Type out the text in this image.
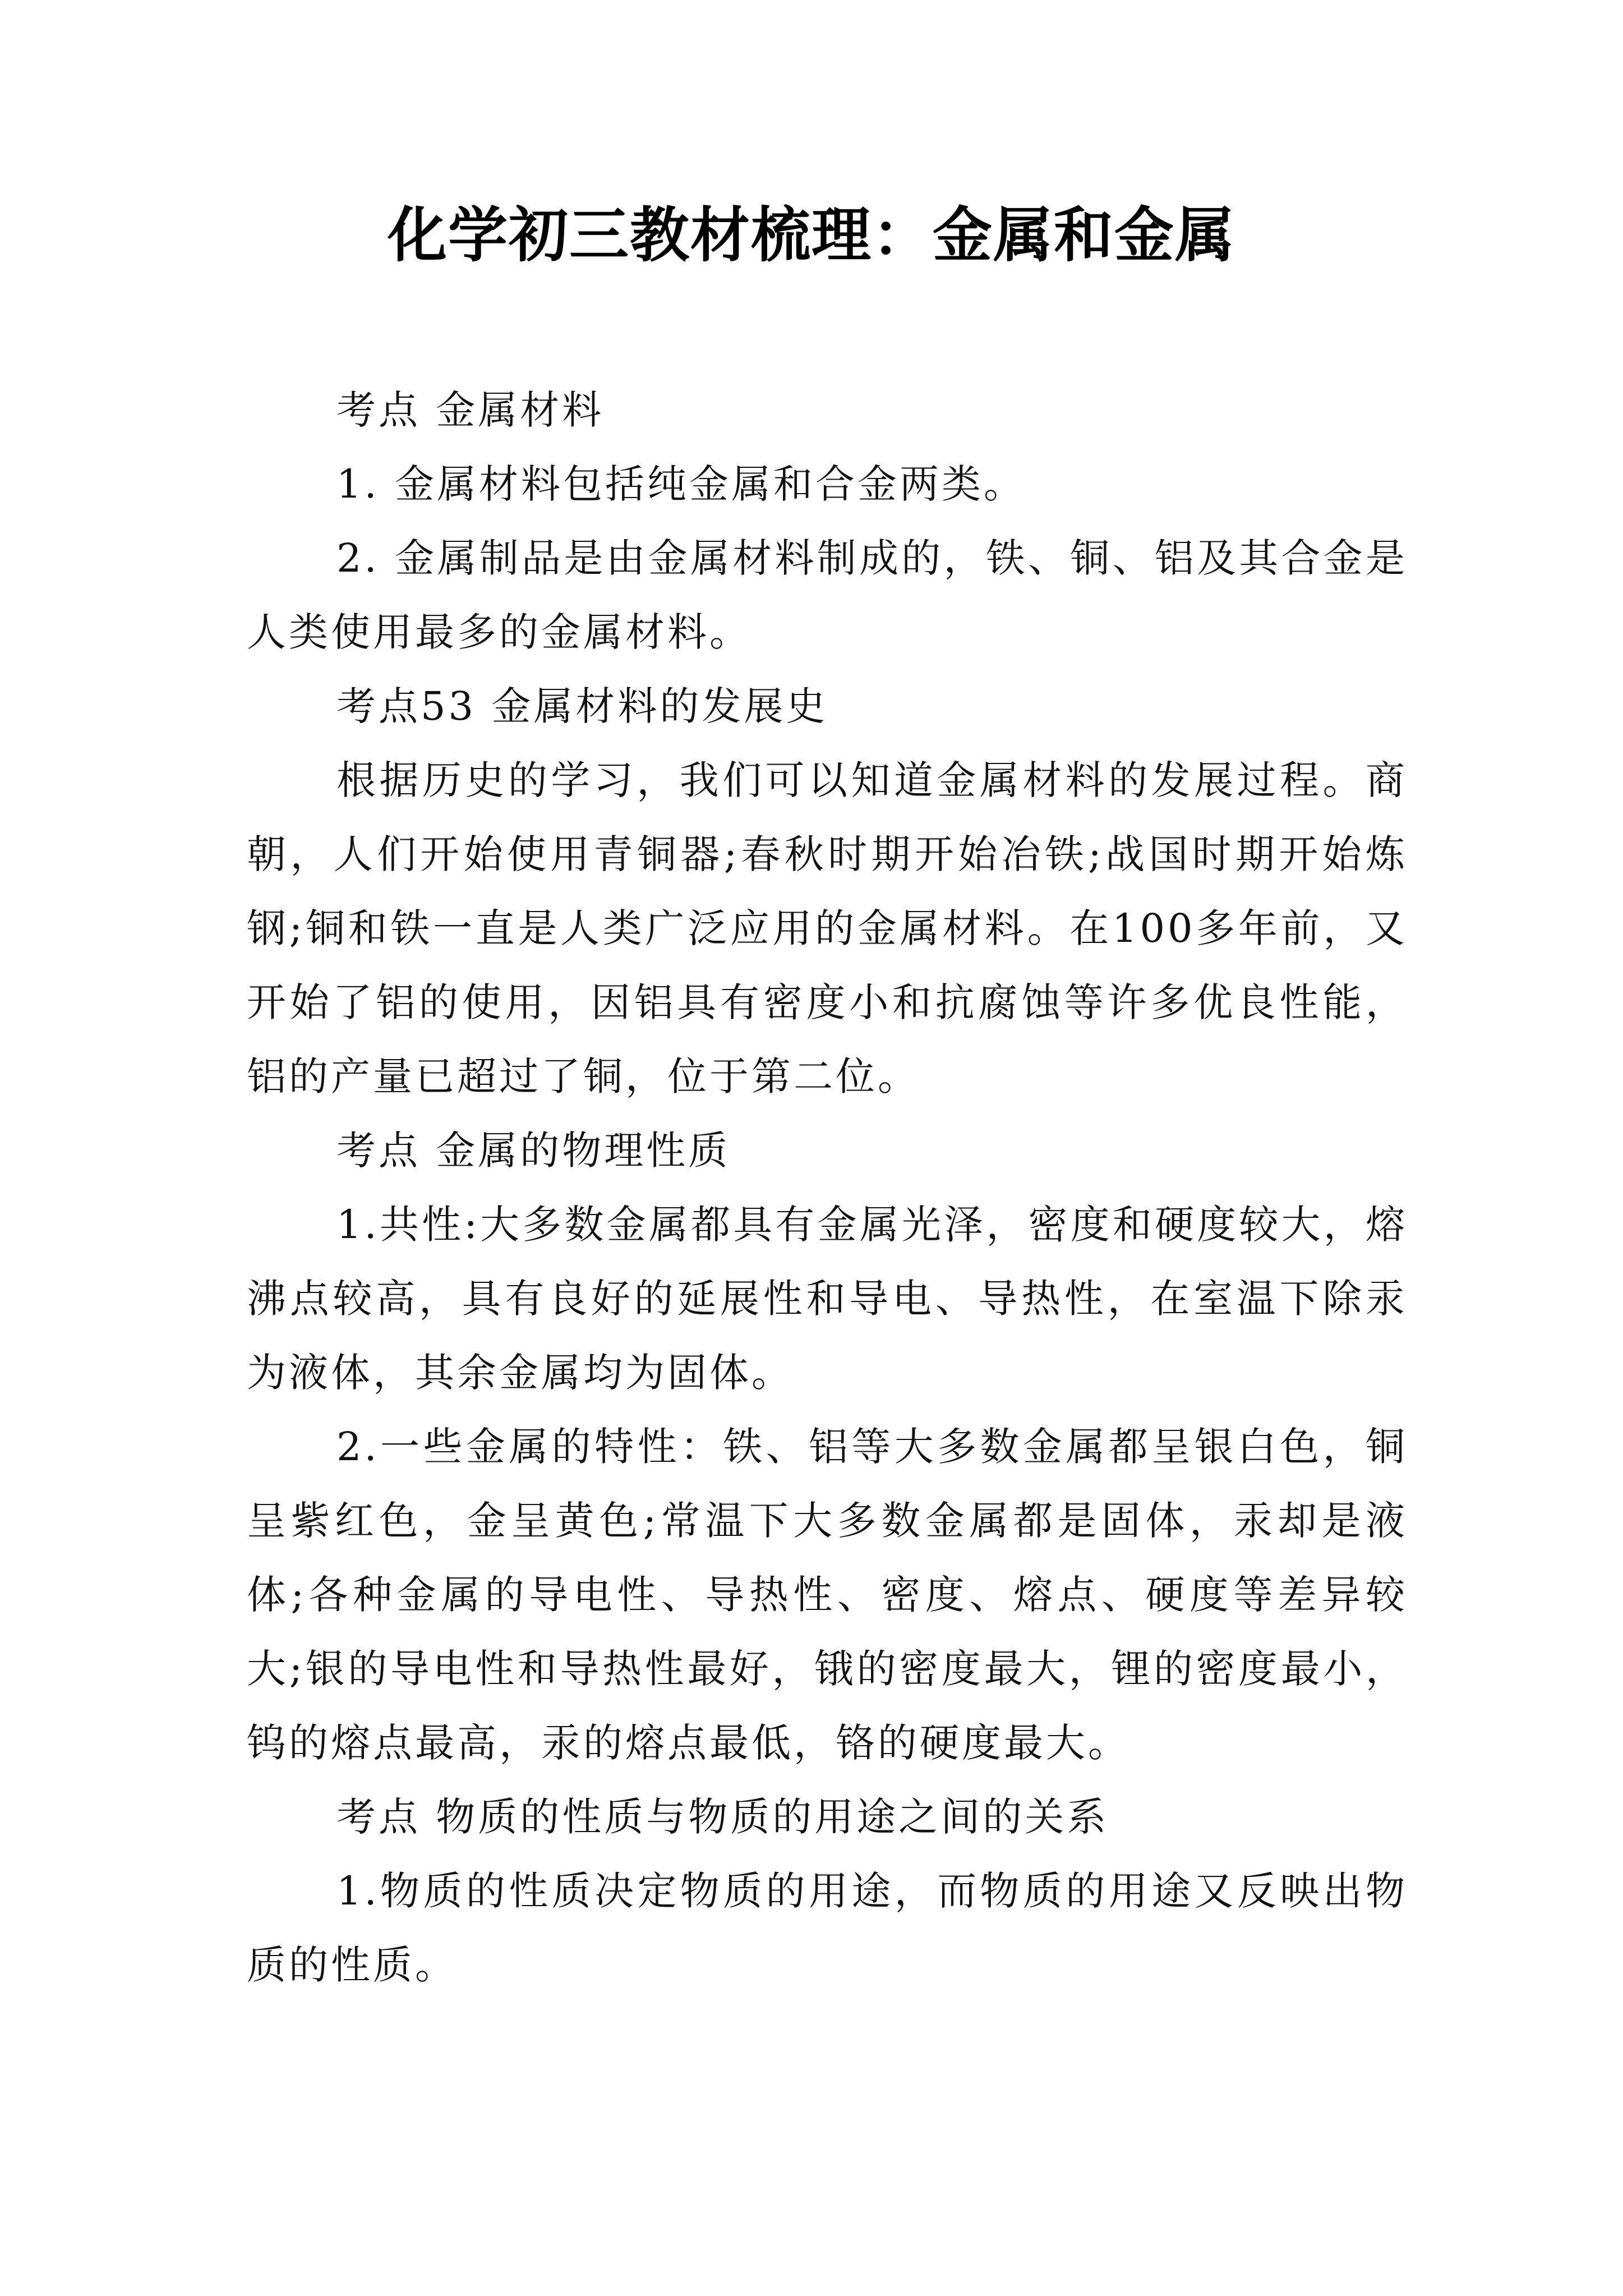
化学初三教材梳理：金属和金属

考点 金属材料

1. 金属材料包括纯金属和合金两类。

2. 金属制品是由金属材料制成的，铁、铜、铝及其合金是人类使用最多的金属材料。

考点53 金属材料的发展史

根据历史的学习，我们可以知道金属材料的发展过程。商朝，人们开始使用青铜器;春秋时期开始冶铁;战国时期开始炼钢;铜和铁一直是人类广泛应用的金属材料。在100多年前，又开始了铝的使用，因铝具有密度小和抗腐蚀等许多优良性能，铝的产量已超过了铜，位于第二位。

考点 金属的物理性质

1.共性:大多数金属都具有金属光泽，密度和硬度较大，熔沸点较高，具有良好的延展性和导电、导热性，在室温下除汞为液体，其余金属均为固体。

2.一些金属的特性：铁、铝等大多数金属都呈银白色，铜呈紫红色，金呈黄色;常温下大多数金属都是固体，汞却是液体;各种金属的导电性、导热性、密度、熔点、硬度等差异较大;银的导电性和导热性最好，锇的密度最大，锂的密度最小，钨的熔点最高，汞的熔点最低，铬的硬度最大。

考点 物质的性质与物质的用途之间的关系

1.物质的性质决定物质的用途，而物质的用途又反映出物质的性质。
